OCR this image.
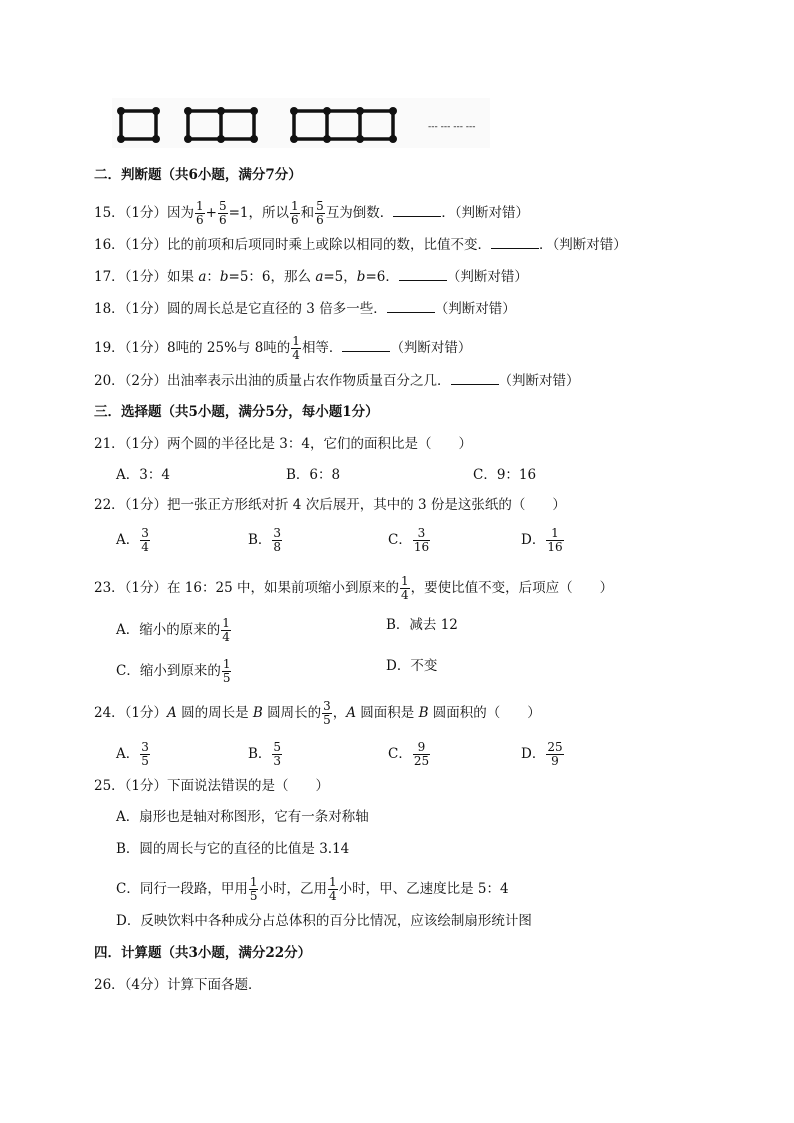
--- --- --- ---
二．判断题（共6小题，满分7分）
15．（1分）因为 $\frac{1}{6} + \frac{5}{6} =1$，所以 $\frac{1}{6}$ 和 $\frac{5}{6}$ 互为倒数．	．（判断对错）
16．（1分）比的前项和后项同时乘上或除以相同的数，比值不变．	．（判断对错）
17．（1分）如果 a：b=5：6，那么 a=5，b=6．	（判断对错）
18．（1分）圆的周长总是它直径的 3 倍多一些．	（判断对错）
19．（1分）8吨的 25%与 8吨的 $\frac{1}{4}$ 相等．	（判断对错）
20．（2分）出油率表示出油的质量占农作物质量百分之几．	（判断对错）
三．选择题（共5小题，满分5分，每小题1分）
21．（1分）两个圆的半径比是 3：4，它们的面积比是（　　）
A．3：4	B．6：8	C．9：16
22．（1分）把一张正方形纸对折 4 次后展开，其中的 3 份是这张纸的（　　）
A． $\frac{3}{4}$	B． $\frac{3}{8}$	C． $\frac{3}{16}$	D． $\frac{1}{16}$
23．（1分）在 16：25 中，如果前项缩小到原来的 $\frac{1}{4}$ ，要使比值不变，后项应（　　）
A．缩小的原来的 $\frac{1}{4}$	B．减去 12
C．缩小到原来的 $\frac{1}{5}$	D．不变
24．（1分）A 圆的周长是 B 圆周长的 $\frac{3}{5}$ ，A 圆面积是 B 圆面积的（　　）
A． $\frac{3}{5}$	B． $\frac{5}{3}$	C． $\frac{9}{25}$	D． $\frac{25}{9}$
25．（1分）下面说法错误的是（　　）
A．扇形也是轴对称图形，它有一条对称轴
B．圆的周长与它的直径的比值是 3.14
C．同行一段路，甲用 $\frac{1}{5}$ 小时，乙用 $\frac{1}{4}$ 小时，甲、乙速度比是 5：4
D．反映饮料中各种成分占总体积的百分比情况，应该绘制扇形统计图
四．计算题（共3小题，满分22分）
26．（4分）计算下面各题．
